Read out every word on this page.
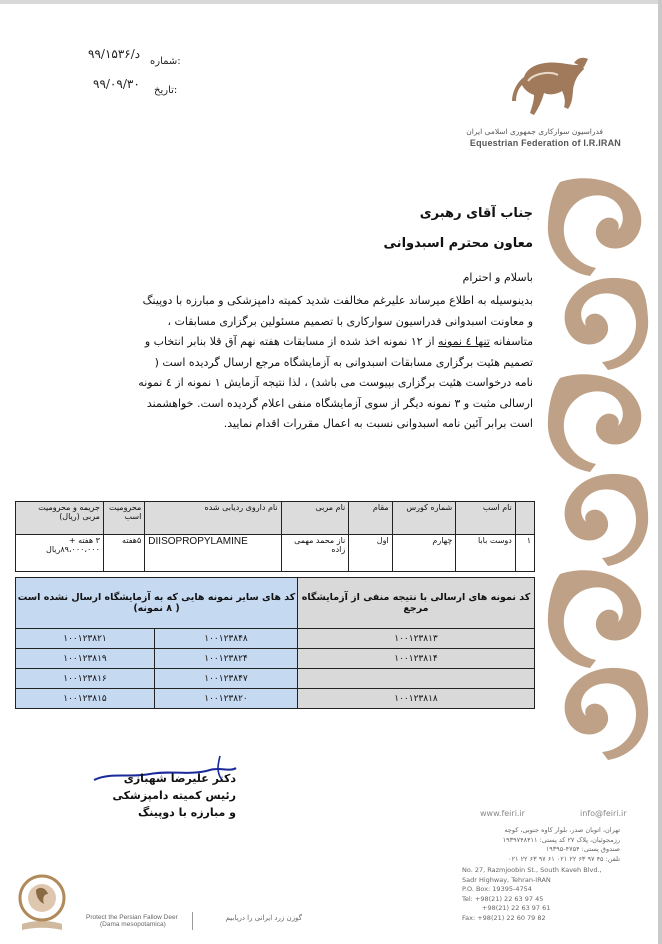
۹۹/د/۱۵۳۶
شماره:
۹۹/۰۹/۳۰ تاریخ:
فدراسیون سوارکاری جمهوری اسلامی ایران
Equestrian Federation of I.R.IRAN
جناب آقای رهبری
معاون محترم اسبدوانی
باسلام و احترام
بدینوسیله به اطلاع میرساند علیرغم مخالفت شدید کمیته دامپزشکی و مبارزه با دوپینگ
و معاونت اسبدوانی فدراسیون سوارکاری با تصمیم مسئولین برگزاری مسابقات ،
متاسفانه تنها ٤ نمونه از ۱۲ نمونه اخذ شده از مسابقات هفته نهم آق قلا بنابر انتخاب و
تصمیم هئیت برگزاری مسابقات اسبدوانی به آزمایشگاه مرجع ارسال گردیده است (
نامه درخواست هئیت برگزاری بپیوست می باشد) ، لذا نتیجه آزمایش ۱ نمونه از ٤ نمونه
ارسالی مثبت و ۳ نمونه دیگر از سوی آزمایشگاه منفی اعلام گردیده است. خواهشمند
است برابر آئین نامه اسبدوانی نسبت به اعمال مقررات اقدام نمایید.
	نام اسب	شماره کورس	مقام	نام مربی	نام داروی ردیابی شده	محرومیت اسب	جریمه و محرومیت مربی (ریال)
۱	دوست بابا	چهارم	اول	ناز محمد مهمی زاده	DIISOPROPYLAMINE	۵هفته	۳ هفته + ۸۹،۰۰۰،۰۰۰ریال
کد نمونه های ارسالی با نتیجه منفی از آزمایشگاه مرجع	کد های سایر نمونه هایی که به آزمایشگاه ارسال نشده است ( ۸ نمونه)	
۱۰۰۱۲۳۸۱۳	۱۰۰۱۲۳۸۴۸	۱۰۰۱۲۳۸۲۱
۱۰۰۱۲۳۸۱۴	۱۰۰۱۲۳۸۲۴	۱۰۰۱۲۳۸۱۹
	۱۰۰۱۲۳۸۴۷	۱۰۰۱۲۳۸۱۶
۱۰۰۱۲۳۸۱۸	۱۰۰۱۲۳۸۲۰	۱۰۰۱۲۳۸۱۵
دکتر علیرضا شهبازی
رئیس کمیته دامپزشکی
و مبارزه با دوپینگ	www.feiri.ir	info@feiri.ir
تهران، اتوبان صدر، بلوار کاوه جنوبی، کوچه
رزمجوئیان، پلاک ۲۷ کد پستی: ۱۹۳۹۷۴۸۴۱۱
صندوق پستی: ۴۷۵۴-۱۹۳۹۵
تلفن: ۴۵ ۹۷ ۶۳ ۲۲ ۰۲۱ ۶۱ ۹۷ ۶۳ ۲۲ ۰۲۱
No. 27, Razmjoobin St., South Kaveh Blvd.,
Sadr Highway, Tehran-IRAN
P.O. Box: 19395-4754
Tel: +98(21) 22 63 97 45
+98(21) 22 63 97 61
Fax: +98(21) 22 60 79 82
Protect the Persian Fallow Deer
(Dama mesopotamica)
گوزن زرد ایرانی را دریابیم
